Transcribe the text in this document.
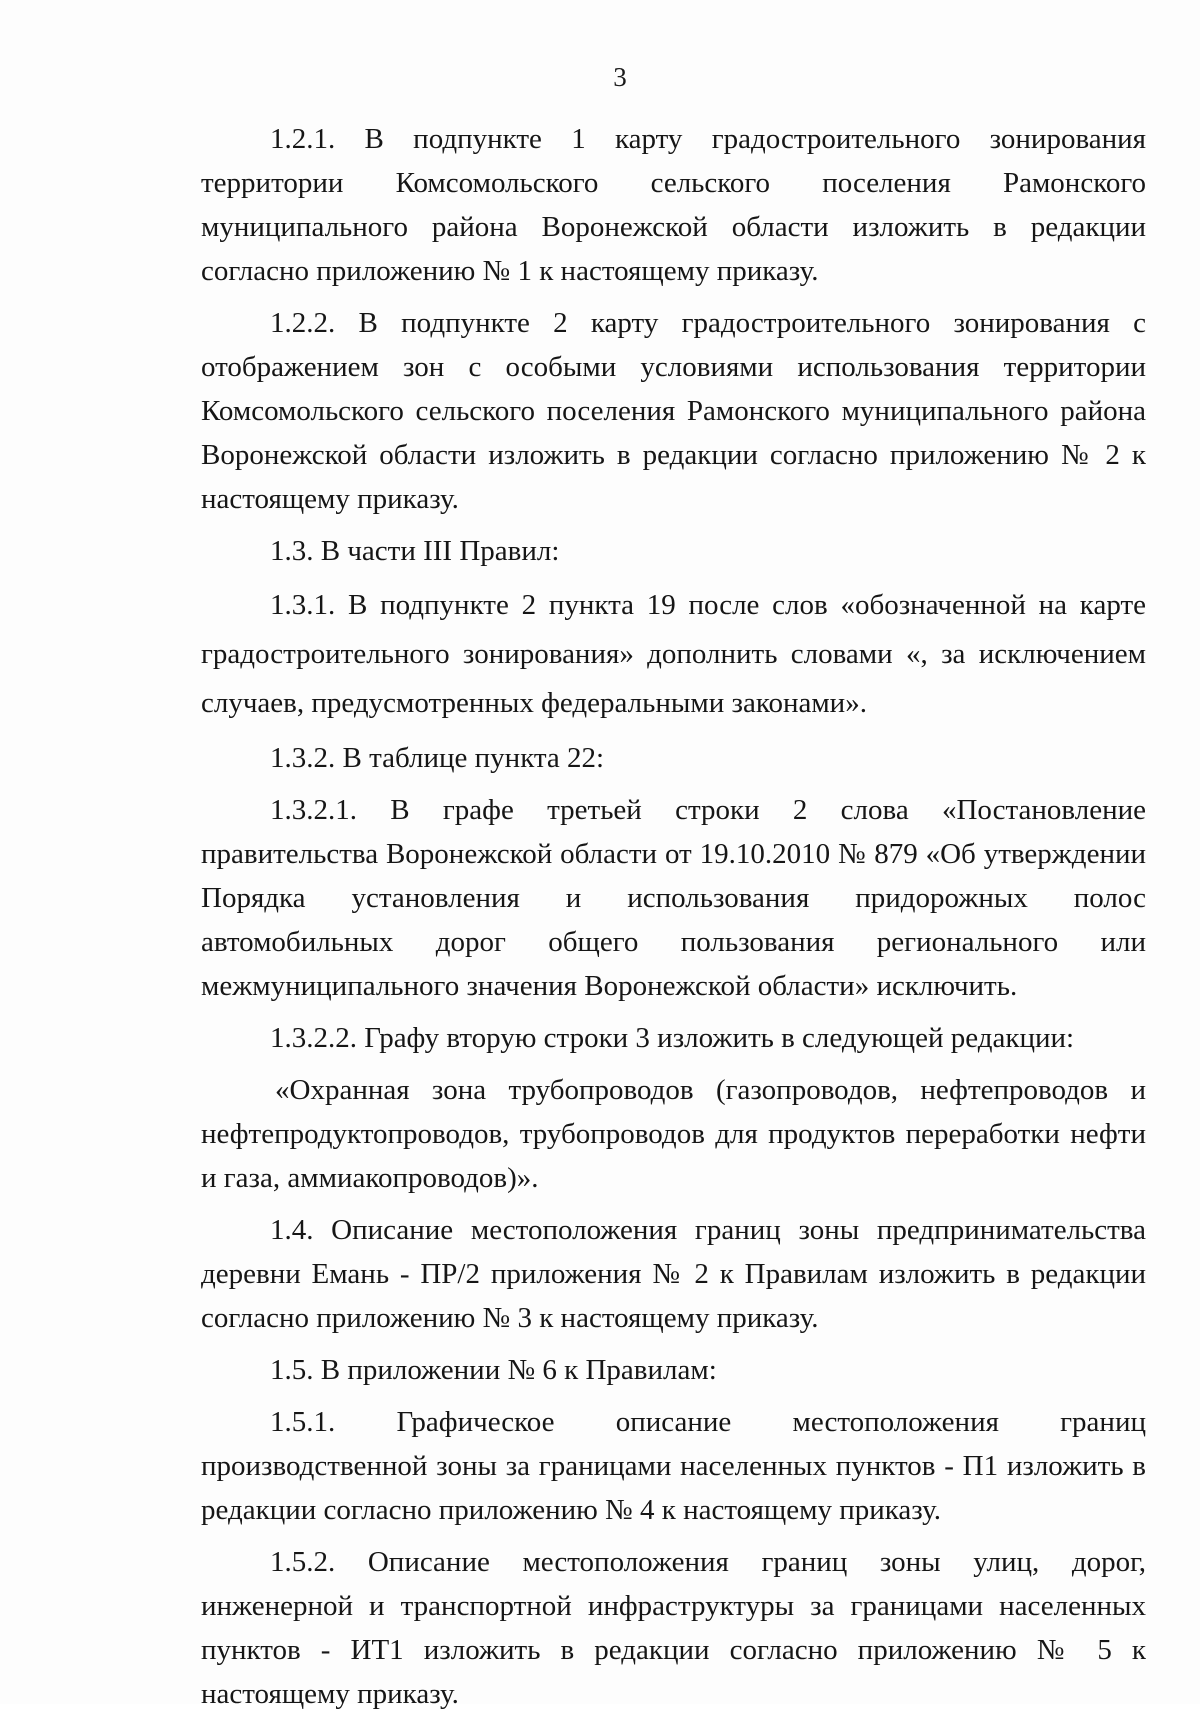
3

1.2.1. В подпункте 1 карту градостроительного зонирования территории Комсомольского сельского поселения Рамонского муниципального района Воронежской области изложить в редакции согласно приложению № 1 к настоящему приказу.

1.2.2. В подпункте 2 карту градостроительного зонирования с отображением зон с особыми условиями использования территории Комсомольского сельского поселения Рамонского муниципального района Воронежской области изложить в редакции согласно приложению № 2 к настоящему приказу.

1.3. В части III Правил:

1.3.1. В подпункте 2 пункта 19 после слов «обозначенной на карте градостроительного зонирования» дополнить словами «, за исключением случаев, предусмотренных федеральными законами».

1.3.2. В таблице пункта 22:

1.3.2.1. В графе третьей строки 2 слова «Постановление правительства Воронежской области от 19.10.2010 № 879 «Об утверждении Порядка установления и использования придорожных полос автомобильных дорог общего пользования регионального или межмуниципального значения Воронежской области» исключить.

1.3.2.2. Графу вторую строки 3 изложить в следующей редакции:

«Охранная зона трубопроводов (газопроводов, нефтепроводов и нефтепродуктопроводов, трубопроводов для продуктов переработки нефти и газа, аммиакопроводов)».

1.4. Описание местоположения границ зоны предпринимательства деревни Емань - ПР/2 приложения № 2 к Правилам изложить в редакции согласно приложению № 3 к настоящему приказу.

1.5. В приложении № 6 к Правилам:

1.5.1. Графическое описание местоположения границ производственной зоны за границами населенных пунктов - П1 изложить в редакции согласно приложению № 4 к настоящему приказу.

1.5.2. Описание местоположения границ зоны улиц, дорог, инженерной и транспортной инфраструктуры за границами населенных пунктов - ИТ1 изложить в редакции согласно приложению № 5 к настоящему приказу.
